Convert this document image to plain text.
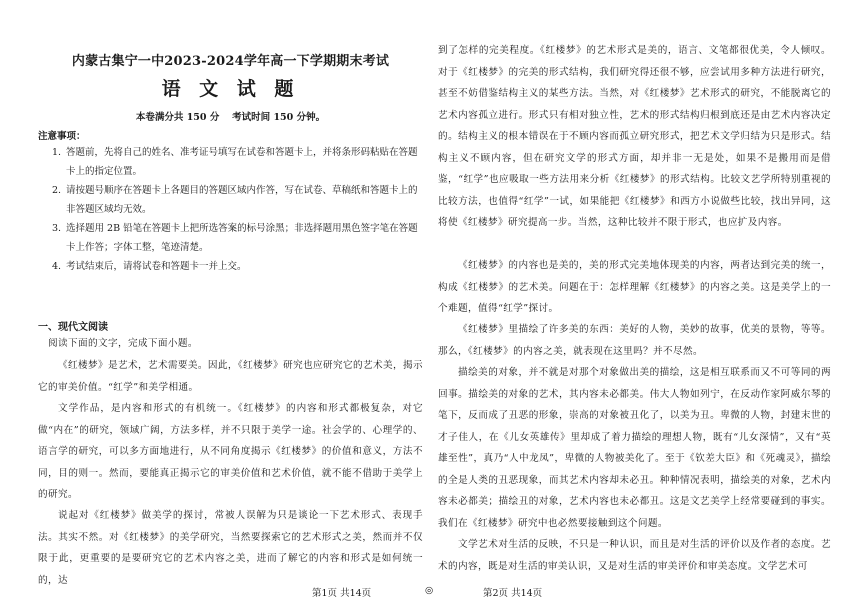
内蒙古集宁一中2023-2024学年高一下学期期末考试
语 文 试 题
本卷满分共 150 分　 考试时间 150 分钟。
注意事项：
1. 答题前，先将自己的姓名、准考证号填写在试卷和答题卡上，并将条形码粘贴在答题卡上的指定位置。
2. 请按题号顺序在答题卡上各题目的答题区域内作答，写在试卷、草稿纸和答题卡上的非答题区域均无效。
3. 选择题用 2B 铅笔在答题卡上把所选答案的标号涂黑；非选择题用黑色签字笔在答题卡上作答；字体工整，笔迹清楚。
4. 考试结束后，请将试卷和答题卡一并上交。
一、现代文阅读
阅读下面的文字，完成下面小题。
《红楼梦》是艺术，艺术需要美。因此，《红楼梦》研究也应研究它的艺术美，揭示它的审美价值。“红学”和美学相通。
文学作品，是内容和形式的有机统一。《红楼梦》的内容和形式都极复杂，对它做“内在”的研究，领域广阔，方法多样，并不只限于美学一途。社会学的、心理学的、语言学的研究，可以多方面地进行，从不同角度揭示《红楼梦》的价值和意义，方法不同，目的则一。然而，要能真正揭示它的审美价值和艺术价值，就不能不借助于美学上的研究。
说起对《红楼梦》做美学的探讨，常被人误解为只是谈论一下艺术形式、表现手法。其实不然。对《红楼梦》的美学研究，当然要探索它的艺术形式之美，然而并不仅限于此，更重要的是要研究它的艺术内容之美，进而了解它的内容和形式是如何统一的，达
到了怎样的完美程度。《红楼梦》的艺术形式是美的，语言、文笔都很优美，令人倾叹。对于《红楼梦》的完美的形式结构，我们研究得还很不够，应尝试用多种方法进行研究，甚至不妨借鉴结构主义的某些方法。当然，对《红楼梦》艺术形式的研究，不能脱离它的艺术内容孤立进行。形式只有相对独立性，艺术的形式结构归根到底还是由艺术内容决定的。结构主义的根本错误在于不顾内容而孤立研究形式，把艺术文学归结为只是形式。结构主义不顾内容，但在研究文学的形式方面，却并非一无是处，如果不是搬用而是借鉴，“红学”也应吸取一些方法用来分析《红楼梦》的形式结构。比较文艺学所特别重视的比较方法，也值得“红学”一试，如果能把《红楼梦》和西方小说做些比较，找出异同，这将使《红楼梦》研究提高一步。当然，这种比较并不限于形式，也应扩及内容。
《红楼梦》的内容也是美的，美的形式完美地体现美的内容，两者达到完美的统一，构成《红楼梦》的艺术美。问题在于：怎样理解《红楼梦》的内容之美。这是美学上的一个难题，值得“红学”探讨。
《红楼梦》里描绘了许多美的东西：美好的人物，美妙的故事，优美的景物，等等。那么，《红楼梦》的内容之美，就表现在这里吗？并不尽然。
描绘美的对象，并不就是对那个对象做出美的描绘，这是相互联系而又不可等同的两回事。描绘美的对象的艺术，其内容未必都美。伟大人物如列宁，在反动作家阿威尔琴的笔下，反而成了丑恶的形象，崇高的对象被丑化了，以美为丑。卑微的人物，封建末世的才子佳人，在《儿女英雄传》里却成了着力描绘的理想人物，既有“儿女深情”，又有“英雄至性”，真乃“人中龙凤”，卑微的人物被美化了。至于《钦差大臣》和《死魂灵》，描绘的全是人类的丑恶现象，而其艺术内容却未必丑。种种情况表明，描绘美的对象，艺术内容未必都美；描绘丑的对象，艺术内容也未必都丑。这是文艺美学上经常要碰到的事实。我们在《红楼梦》研究中也必然要接触到这个问题。
文学艺术对生活的反映，不只是一种认识，而且是对生活的评价以及作者的态度。艺术的内容，既是对生活的审美认识，又是对生活的审美评价和审美态度。文学艺术可
第1页 共14页	◎	第2页 共14页
